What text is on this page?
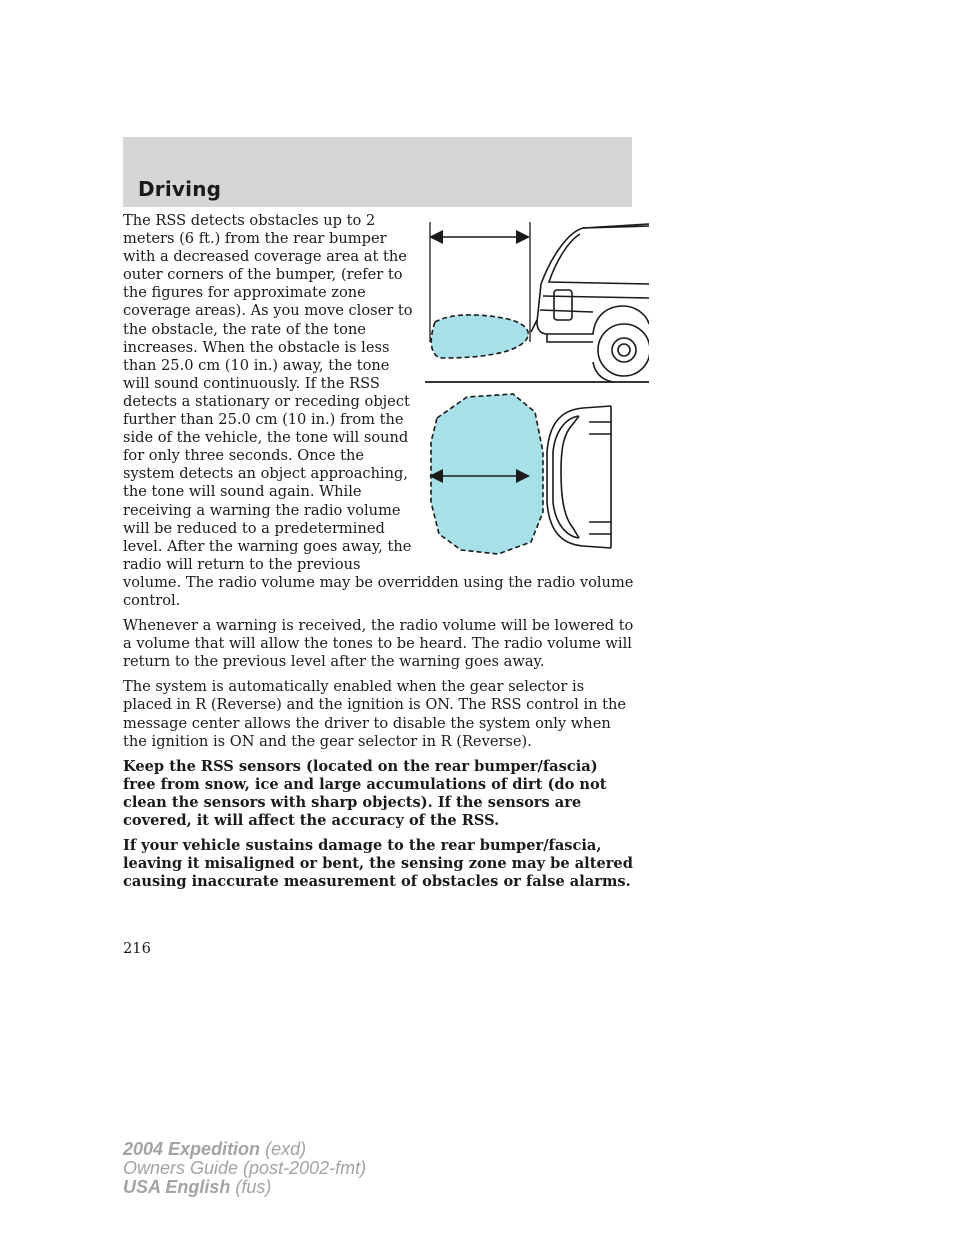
Driving

The RSS detects obstacles up to 2 meters (6 ft.) from the rear bumper with a decreased coverage area at the outer corners of the bumper, (refer to the figures for approximate zone coverage areas). As you move closer to the obstacle, the rate of the tone increases. When the obstacle is less than 25.0 cm (10 in.) away, the tone will sound continuously. If the RSS detects a stationary or receding object further than 25.0 cm (10 in.) from the side of the vehicle, the tone will sound for only three seconds. Once the system detects an object approaching, the tone will sound again. While receiving a warning the radio volume will be reduced to a predetermined level. After the warning goes away, the radio will return to the previous volume. The radio volume may be overridden using the radio volume control.

Whenever a warning is received, the radio volume will be lowered to a volume that will allow the tones to be heard. The radio volume will return to the previous level after the warning goes away.

The system is automatically enabled when the gear selector is placed in R (Reverse) and the ignition is ON. The RSS control in the message center allows the driver to disable the system only when the ignition is ON and the gear selector in R (Reverse).

Keep the RSS sensors (located on the rear bumper/fascia) free from snow, ice and large accumulations of dirt (do not clean the sensors with sharp objects). If the sensors are covered, it will affect the accuracy of the RSS.

If your vehicle sustains damage to the rear bumper/fascia, leaving it misaligned or bent, the sensing zone may be altered causing inaccurate measurement of obstacles or false alarms.

216

2004 Expedition (exd)
Owners Guide (post-2002-fmt)
USA English (fus)
